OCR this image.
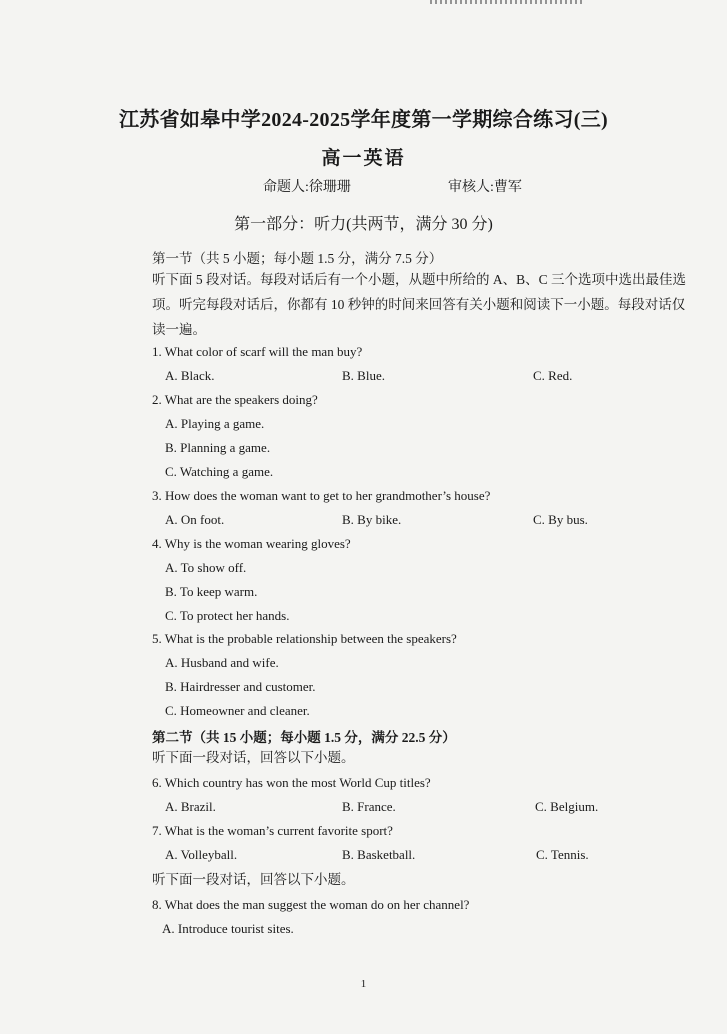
江苏省如皋中学2024-2025学年度第一学期综合练习(三)
高一英语
命题人:徐珊珊	审核人:曹军
第一部分：听力(共两节，满分 30 分)
第一节（共 5 小题；每小题 1.5 分，满分 7.5 分）
听下面 5 段对话。每段对话后有一个小题，从题中所给的 A、B、C 三个选项中选出最佳选项。听完每段对话后，你都有 10 秒钟的时间来回答有关小题和阅读下一小题。每段对话仅读一遍。
1. What color of scarf will the man buy?
A. Black.	B. Blue.	C. Red.
2. What are the speakers doing?
A. Playing a game.
B. Planning a game.
C. Watching a game.
3. How does the woman want to get to her grandmother’s house?
A. On foot.	B. By bike.	C. By bus.
4. Why is the woman wearing gloves?
A. To show off.
B. To keep warm.
C. To protect her hands.
5. What is the probable relationship between the speakers?
A. Husband and wife.
B. Hairdresser and customer.
C. Homeowner and cleaner.
第二节（共 15 小题；每小题 1.5 分，满分 22.5 分）
听下面一段对话，回答以下小题。
6. Which country has won the most World Cup titles?
A. Brazil.	B. France.	C. Belgium.
7. What is the woman’s current favorite sport?
A. Volleyball.	B. Basketball.	C. Tennis.
听下面一段对话，回答以下小题。
8. What does the man suggest the woman do on her channel?
A. Introduce tourist sites.
1
